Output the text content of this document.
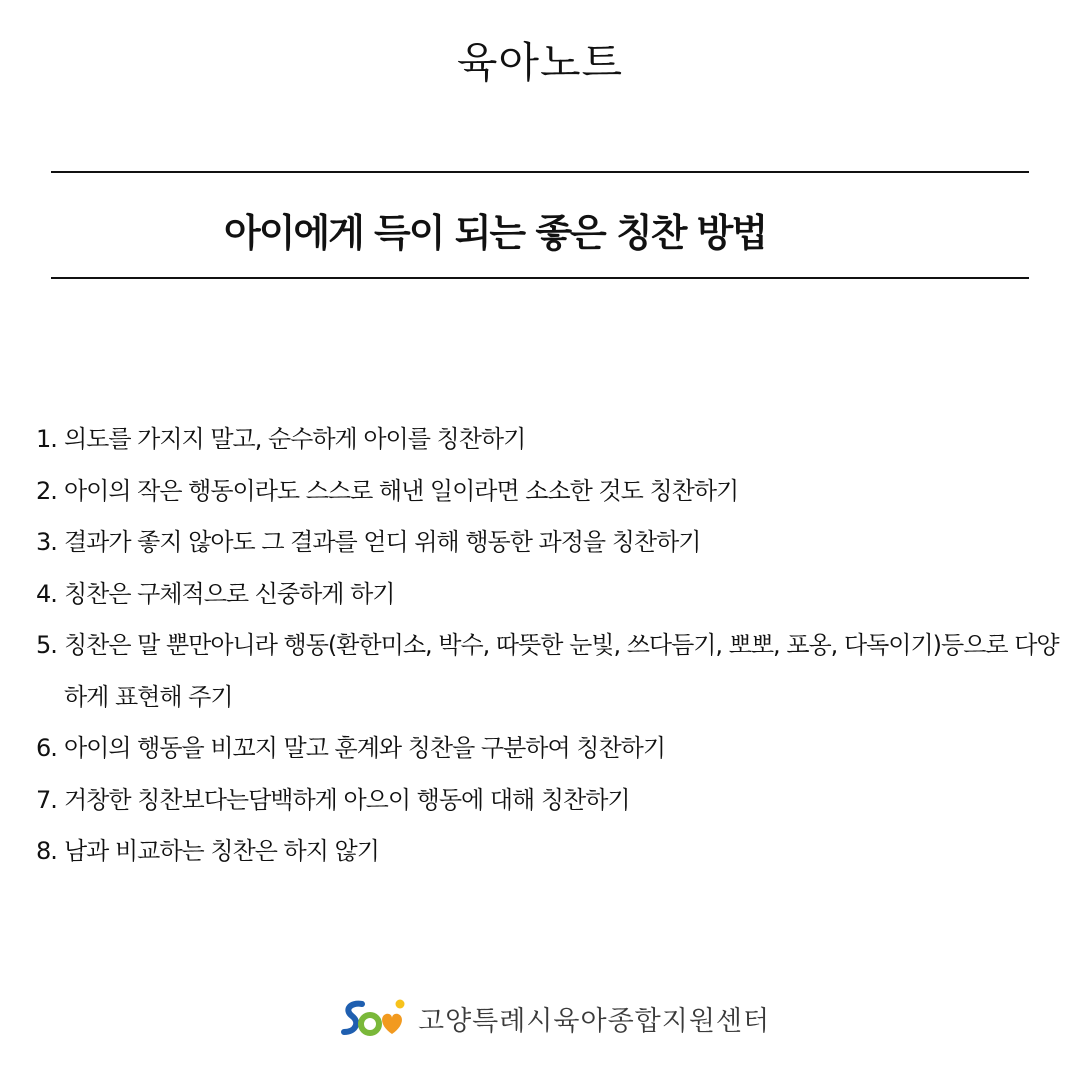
육아노트
아이에게 득이 되는 좋은 칭찬 방법
1. 의도를 가지지 말고, 순수하게 아이를 칭찬하기
2. 아이의 작은 행동이라도 스스로 해낸 일이라면 소소한 것도 칭찬하기
3. 결과가 좋지 않아도 그 결과를 얻디 위해 행동한 과정을 칭찬하기
4. 칭찬은 구체적으로 신중하게 하기
5. 칭찬은 말 뿐만아니라 행동(환한미소, 박수, 따뜻한 눈빛, 쓰다듬기, 뽀뽀, 포옹, 다독이기)등으로 다양하게 표현해 주기
6. 아이의 행동을 비꼬지 말고 훈계와 칭찬을 구분하여 칭찬하기
7. 거창한 칭찬보다는담백하게 아으이 행동에 대해 칭찬하기
8. 남과 비교하는 칭찬은 하지 않기
고양특례시육아종합지원센터
